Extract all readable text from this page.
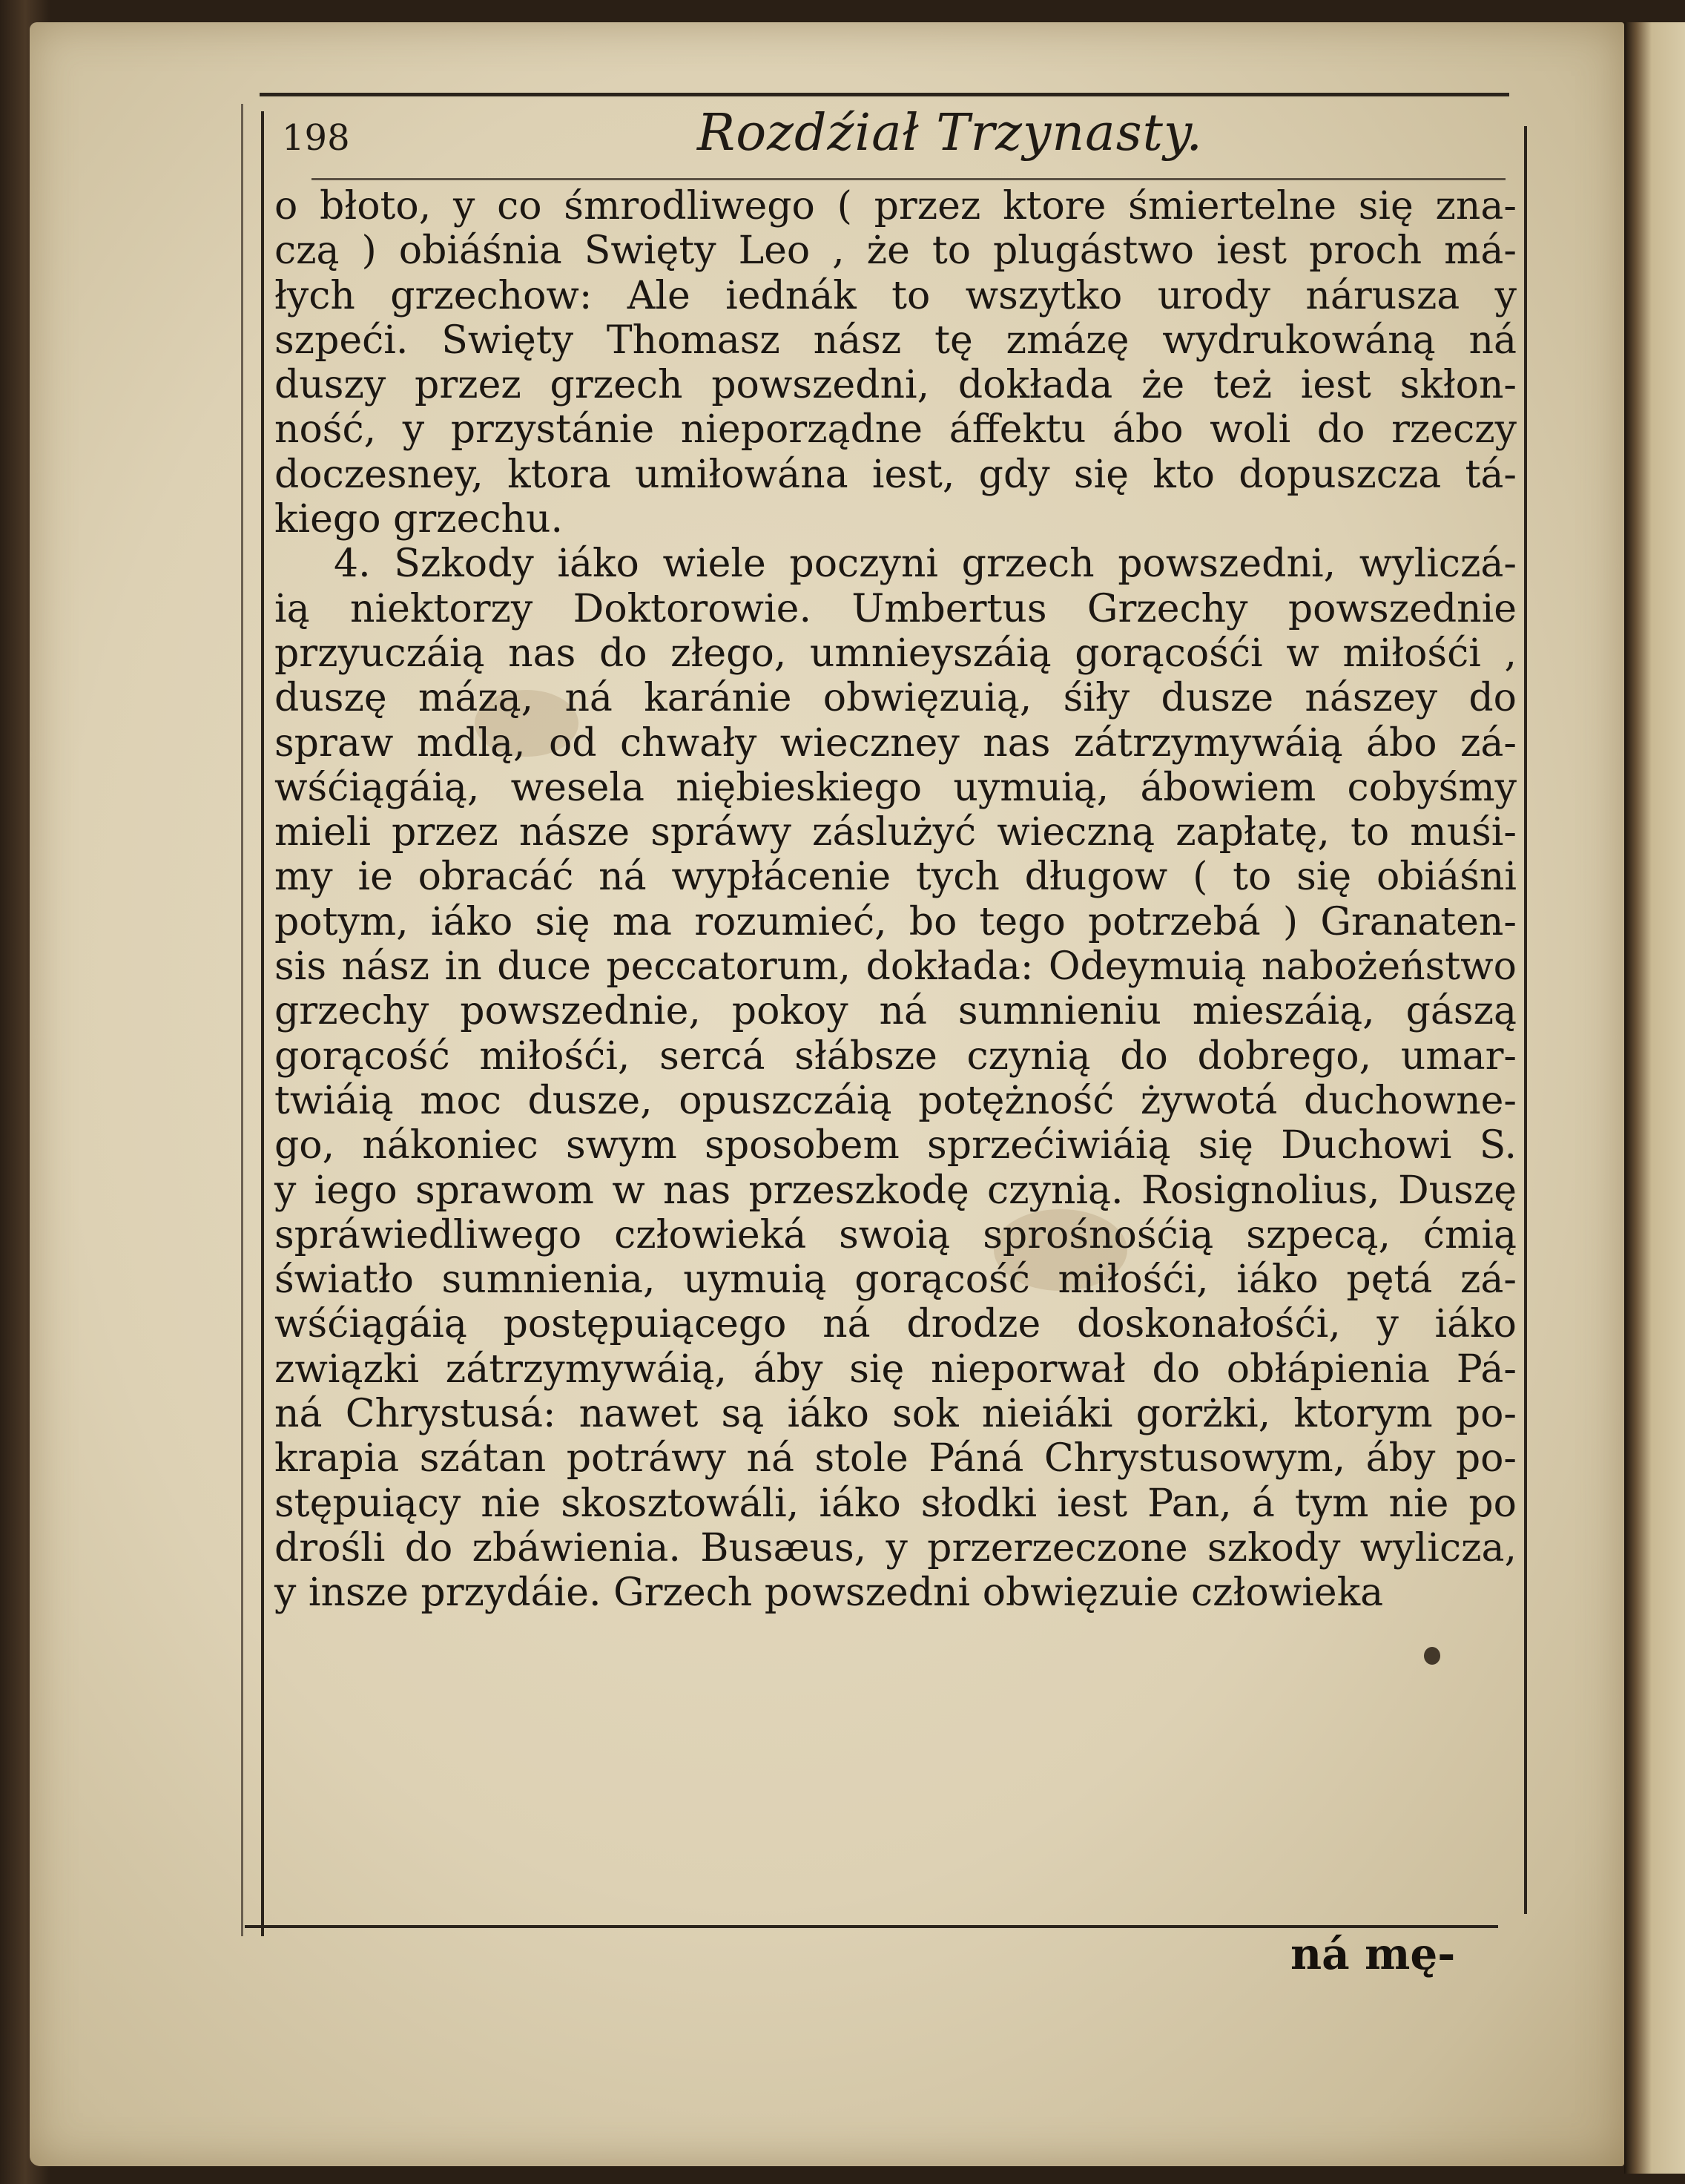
198	Rozdźiał Trzynasty.
o błoto, y co śmrodliwego ( przez ktore śmiertelne się zna-
czą ) obiáśnia Swięty Leo , że to plugástwo iest proch má-
łych grzechow: Ale iednák to wszytko urody nárusza y
szpeći. Swięty Thomasz nász tę zmázę wydrukowáną ná
duszy przez grzech powszedni, dokłada że też iest skłon-
ność, y przystánie nieporządne áffektu ábo woli do rzeczy
doczesney, ktora umiłowána iest, gdy się kto dopuszcza tá-
kiego grzechu.
4. Szkody iáko wiele poczyni grzech powszedni, wyliczá-
ią niektorzy Doktorowie. Umbertus Grzechy powszednie
przyuczáią nas do złego, umnieyszáią gorącośći w miłośći ,
duszę mázą, ná karánie obwięzuią, śiły dusze nászey do
spraw mdlą, od chwały wieczney nas zátrzymywáią ábo zá-
wśćiągáią, wesela niębieskiego uymuią, ábowiem cobyśmy
mieli przez násze spráwy záslużyć wieczną zapłatę, to muśi-
my ie obracáć ná wypłácenie tych długow ( to się obiáśni
potym, iáko się ma rozumieć, bo tego potrzebá ) Granaten-
sis nász in duce peccatorum, dokłada: Odeymuią nabożeństwo
grzechy powszednie, pokoy ná sumnieniu mieszáią, gászą
gorącość miłośći, sercá słábsze czynią do dobrego, umar-
twiáią moc dusze, opuszczáią potężność żywotá duchowne-
go, nákoniec swym sposobem sprzećiwiáią się Duchowi S.
y iego sprawom w nas przeszkodę czynią. Rosignolius, Duszę
spráwiedliwego człowieká swoią sprośnośćią szpecą, ćmią
światło sumnienia, uymuią gorącość miłośći, iáko pętá zá-
wśćiągáią postępuiącego ná drodze doskonałośći, y iáko
związki zátrzymywáią, áby się nieporwał do obłápienia Pá-
ná Chrystusá: nawet są iáko sok nieiáki gorżki, ktorym po-
krapia szátan potráwy ná stole Páná Chrystusowym, áby po-
stępuiący nie skosztowáli, iáko słodki iest Pan, á tym nie po
drośli do zbáwienia. Busæus, y przerzeczone szkody wylicza,
y insze przydáie. Grzech powszedni obwięzuie człowieka
ná mę-
